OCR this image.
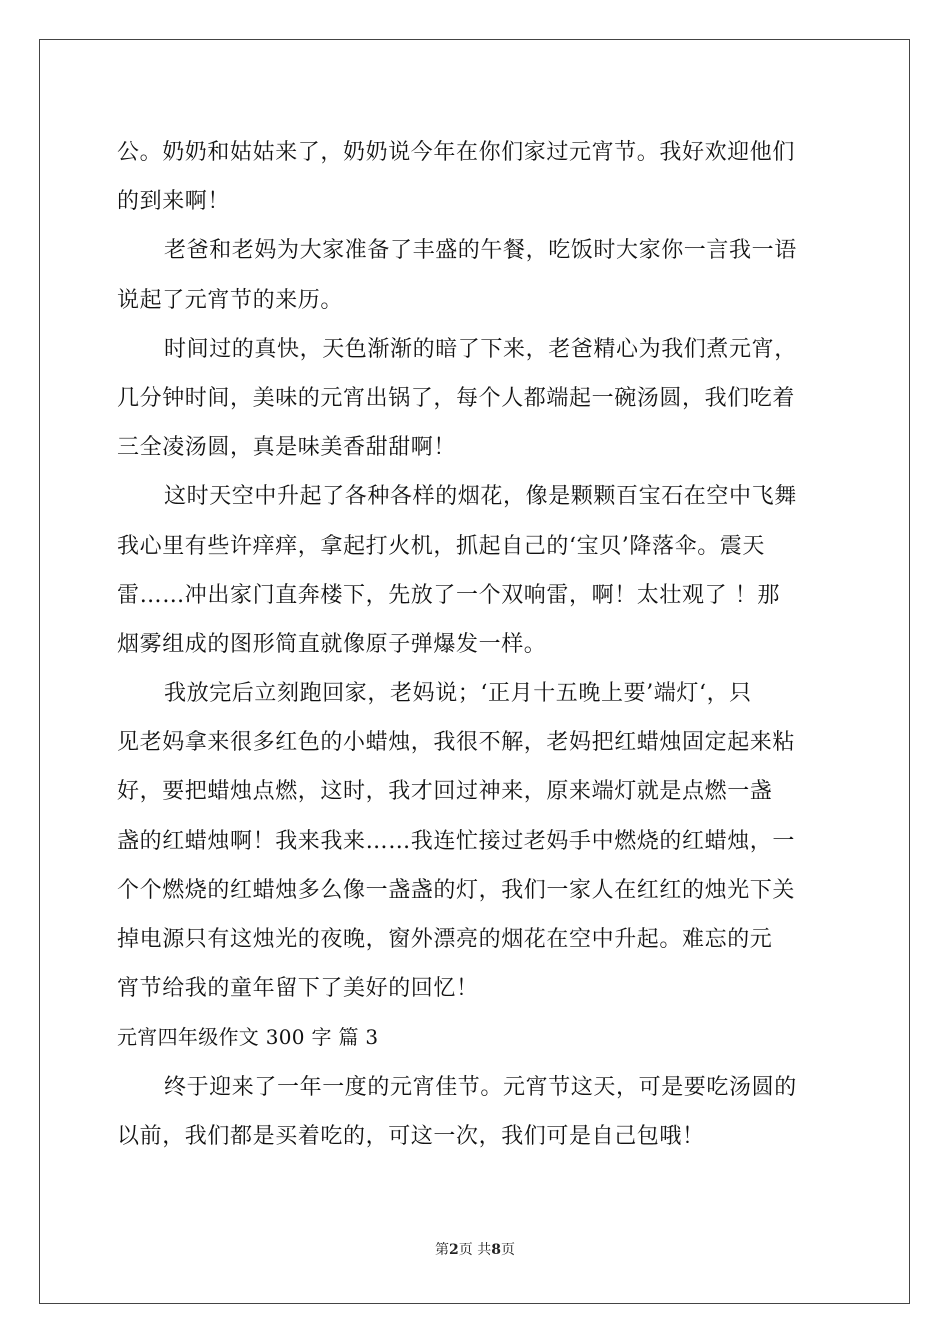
公。奶奶和姑姑来了，奶奶说今年在你们家过元宵节。我好欢迎他们
的到来啊！
老爸和老妈为大家准备了丰盛的午餐，吃饭时大家你一言我一语
说起了元宵节的来历。
时间过的真快，天色渐渐的暗了下来，老爸精心为我们煮元宵，
几分钟时间，美味的元宵出锅了，每个人都端起一碗汤圆，我们吃着
三全凌汤圆，真是味美香甜甜啊！
这时天空中升起了各种各样的烟花，像是颗颗百宝石在空中飞舞
我心里有些许痒痒，拿起打火机，抓起自己的‘宝贝’降落伞。震天
雷……冲出家门直奔楼下，先放了一个双响雷，啊！太壮观了 ！那
烟雾组成的图形简直就像原子弹爆发一样。
我放完后立刻跑回家，老妈说；‘正月十五晚上要’端灯‘，只
见老妈拿来很多红色的小蜡烛，我很不解，老妈把红蜡烛固定起来粘
好，要把蜡烛点燃，这时，我才回过神来，原来端灯就是点燃一盏
盏的红蜡烛啊！我来我来……我连忙接过老妈手中燃烧的红蜡烛，一
个个燃烧的红蜡烛多么像一盏盏的灯，我们一家人在红红的烛光下关
掉电源只有这烛光的夜晚，窗外漂亮的烟花在空中升起。难忘的元
宵节给我的童年留下了美好的回忆！
元宵四年级作文 300 字 篇 3
终于迎来了一年一度的元宵佳节。元宵节这天，可是要吃汤圆的
以前，我们都是买着吃的，可这一次，我们可是自己包哦！
第2页 共8页
